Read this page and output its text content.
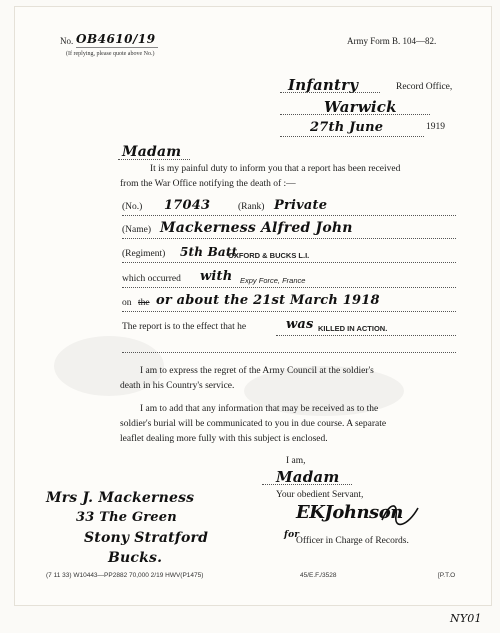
No. OB4610/19
(If replying, please quote above No.)
Army Form B. 104—82.
Infantry	Record Office,
Warwick
27th June	1919
Madam
It is my painful duty to inform you that a report has been received
from the War Office notifying the death of :—
(No.) 17043	(Rank) Private
(Name) Mackerness Alfred John
(Regiment) 5th Batt
OXFORD & BUCKS L.I.
which occurred with Expy Force, France
on the or about the 21st March 1918
The report is to the effect that he	was KILLED IN ACTION.
I am to express the regret of the Army Council at the soldier's
death in his Country's service.
I am to add that any information that may be received as to the
soldier's burial will be communicated to you in due course. A separate
leaflet dealing more fully with this subject is enclosed.
I am,
Madam
Your obedient Servant,
EKJohnson
for
Officer in Charge of Records.
Mrs J. Mackerness
33 The Green
Stony Stratford
Bucks.
(7 11 33) W10443—PP2882 70,000 2/19 HWV(P1475)	45/E.F./3528	[P.T.O
NY01
